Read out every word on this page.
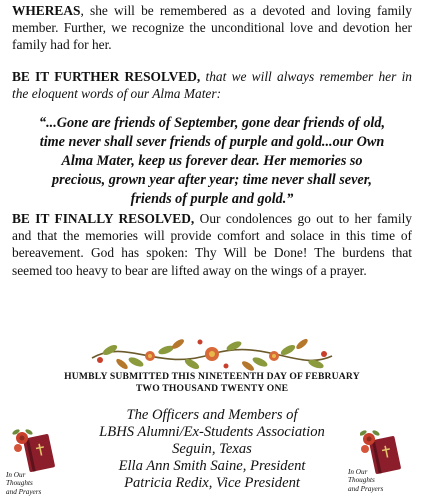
WHEREAS, she will be remembered as a devoted and loving family member. Further, we recognize the unconditional love and devotion her family had for her.

BE IT FURTHER RESOLVED, that we will always remember her in the eloquent words of our Alma Mater:

“...Gone are friends of September, gone dear friends of old,
time never shall sever friends of purple and gold...our Own
Alma Mater, keep us forever dear. Her memories so
precious, grown year after year; time never shall sever,
friends of purple and gold.”

BE IT FINALLY RESOLVED, Our condolences go out to her family and that the memories will provide comfort and solace in this time of bereavement. God has spoken: Thy Will be Done! The burdens that seemed too heavy to bear are lifted away on the wings of a prayer.

HUMBLY SUBMITTED THIS NINETEENTH DAY OF FEBRUARY
TWO THOUSAND TWENTY ONE
The Officers and Members of
LBHS Alumni/Ex-Students Association
Seguin, Texas
Ella Ann Smith Saine, President
Patricia Redix, Vice President
In Our
Thoughts
and Prayers
In Our
Thoughts
and Prayers
